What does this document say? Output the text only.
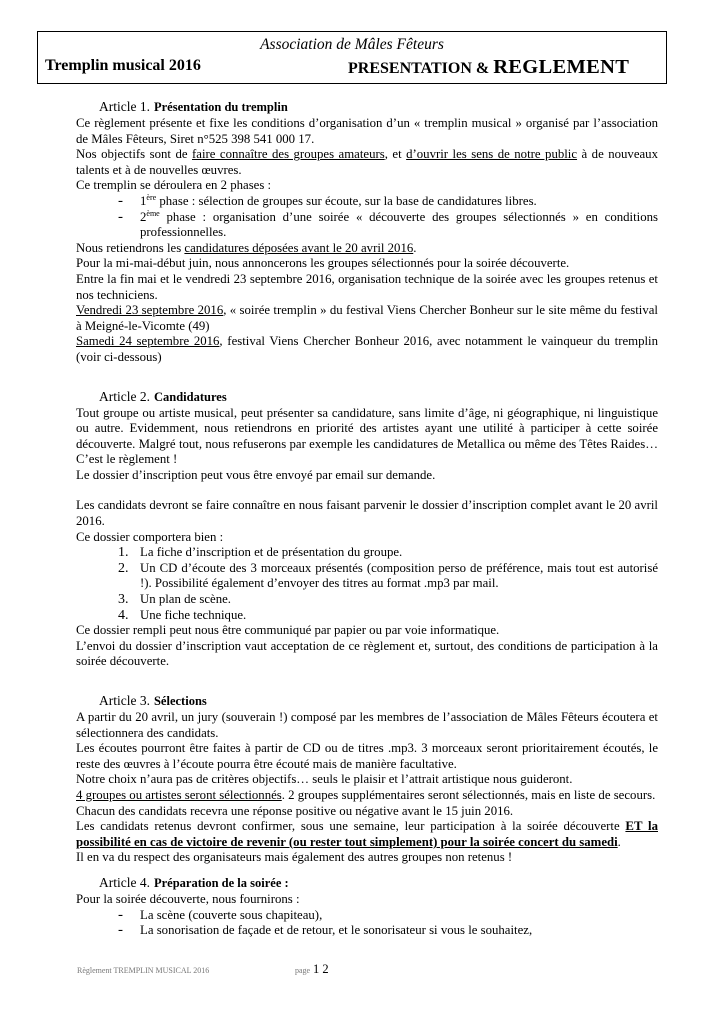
Association de Mâles Fêteurs
Tremplin musical 2016	PRESENTATION & REGLEMENT

Article 1. Présentation du tremplin

Ce règlement présente et fixe les conditions d’organisation d’un « tremplin musical » organisé par l’association de Mâles Fêteurs, Siret n°525 398 541 000 17.

Nos objectifs sont de faire connaître des groupes amateurs, et d’ouvrir les sens de notre public à de nouveaux talents et à de nouvelles œuvres.

Ce tremplin se déroulera en 2 phases :

-	1ère phase : sélection de groupes sur écoute, sur la base de candidatures libres.
-	2ème phase : organisation d’une soirée « découverte des groupes sélectionnés » en conditions professionnelles.

Nous retiendrons les candidatures déposées avant le 20 avril 2016.

Pour la mi-mai-début juin, nous annoncerons les groupes sélectionnés pour la soirée découverte.

Entre la fin mai et le vendredi 23 septembre 2016, organisation technique de la soirée avec les groupes retenus et nos techniciens.

Vendredi 23 septembre 2016, « soirée tremplin » du festival Viens Chercher Bonheur sur le site même du festival à Meigné-le-Vicomte (49)

Samedi 24 septembre 2016, festival Viens Chercher Bonheur 2016, avec notamment le vainqueur du tremplin (voir ci-dessous)

Article 2. Candidatures

Tout groupe ou artiste musical, peut présenter sa candidature, sans limite d’âge, ni géographique, ni linguistique ou autre. Evidemment, nous retiendrons en priorité des artistes ayant une utilité à participer à cette soirée découverte. Malgré tout, nous refuserons par exemple les candidatures de Metallica ou même des Têtes Raides… C’est le règlement !

Le dossier d’inscription peut vous être envoyé par email sur demande.

Les candidats devront se faire connaître en nous faisant parvenir le dossier d’inscription complet avant le 20 avril 2016.

Ce dossier comportera bien :

1. La fiche d’inscription et de présentation du groupe.
2. Un CD d’écoute des 3 morceaux présentés (composition perso de préférence, mais tout est autorisé !). Possibilité également d’envoyer des titres au format .mp3 par mail.
3. Un plan de scène.
4. Une fiche technique.

Ce dossier rempli peut nous être communiqué par papier ou par voie informatique.

L’envoi du dossier d’inscription vaut acceptation de ce règlement et, surtout, des conditions de participation à la soirée découverte.

Article 3. Sélections

A partir du 20 avril, un jury (souverain !) composé par les membres de l’association de Mâles Fêteurs écoutera et sélectionnera des candidats.

Les écoutes pourront être faites à partir de CD ou de titres .mp3. 3 morceaux seront prioritairement écoutés, le reste des œuvres à l’écoute pourra être écouté mais de manière facultative.

Notre choix n’aura pas de critères objectifs… seuls le plaisir et l’attrait artistique nous guideront.

4 groupes ou artistes seront sélectionnés. 2 groupes supplémentaires seront sélectionnés, mais en liste de secours.

Chacun des candidats recevra une réponse positive ou négative avant le 15 juin 2016.

Les candidats retenus devront confirmer, sous une semaine, leur participation à la soirée découverte ET la possibilité en cas de victoire de revenir (ou rester tout simplement) pour la soirée concert du samedi.

Il en va du respect des organisateurs mais également des autres groupes non retenus !

Article 4. Préparation de la soirée :

Pour la soirée découverte, nous fournirons :

-	La scène (couverte sous chapiteau),
-	La sonorisation de façade et de retour, et le sonorisateur si vous le souhaitez,
Règlement TREMPLIN MUSICAL 2016	page 1 2
